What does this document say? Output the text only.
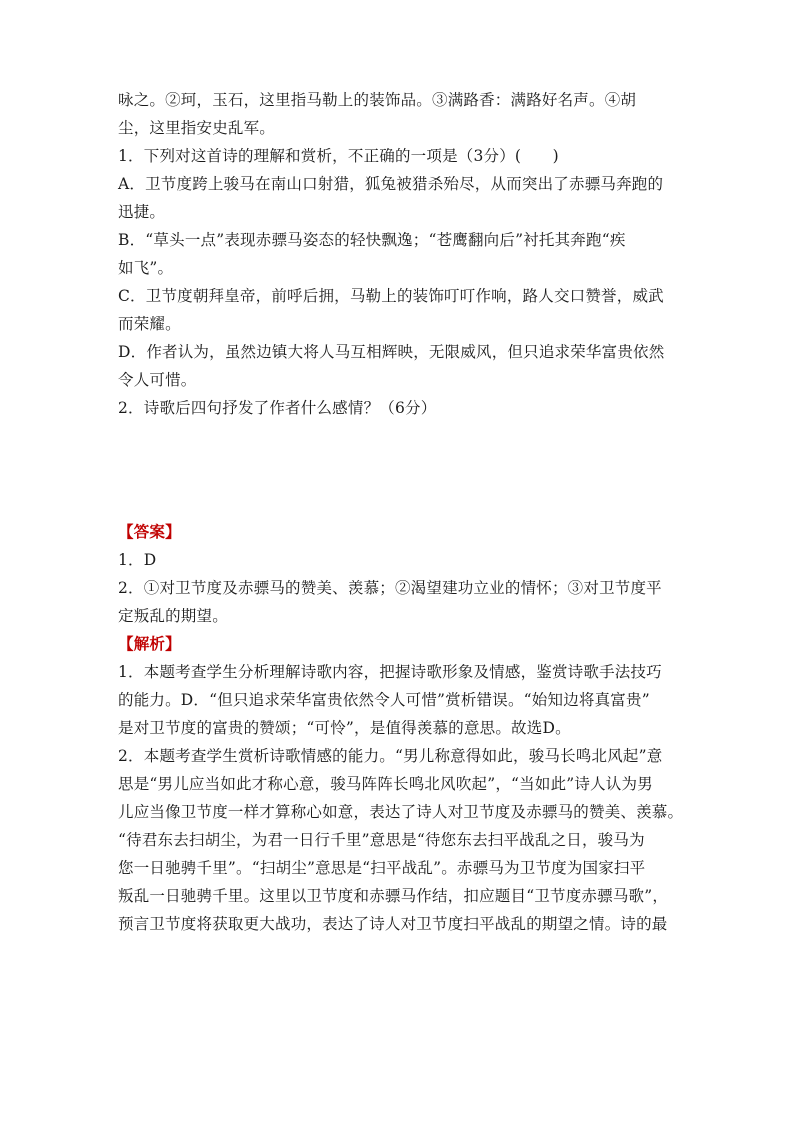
咏之。②珂，玉石，这里指马勒上的装饰品。③满路香：满路好名声。④胡
尘，这里指安史乱军。
1．下列对这首诗的理解和赏析，不正确的一项是（3分）(　　)
A．卫节度跨上骏马在南山口射猎，狐兔被猎杀殆尽，从而突出了赤骠马奔跑的
迅捷。
B．“草头一点”表现赤骠马姿态的轻快飘逸；“苍鹰翻向后”衬托其奔跑“疾
如飞”。
C．卫节度朝拜皇帝，前呼后拥，马勒上的装饰叮叮作响，路人交口赞誉，威武
而荣耀。
D．作者认为，虽然边镇大将人马互相辉映，无限威风，但只追求荣华富贵依然
令人可惜。
2．诗歌后四句抒发了作者什么感情？（6分）
【答案】
1．D
2．①对卫节度及赤骠马的赞美、羡慕；②渴望建功立业的情怀；③对卫节度平
定叛乱的期望。
【解析】
1．本题考查学生分析理解诗歌内容，把握诗歌形象及情感，鉴赏诗歌手法技巧
的能力。D．“但只追求荣华富贵依然令人可惜”赏析错误。“始知边将真富贵”
是对卫节度的富贵的赞颂；“可怜”，是值得羡慕的意思。故选D。
2．本题考查学生赏析诗歌情感的能力。“男儿称意得如此，骏马长鸣北风起”意
思是“男儿应当如此才称心意，骏马阵阵长鸣北风吹起”，“当如此”诗人认为男
儿应当像卫节度一样才算称心如意，表达了诗人对卫节度及赤骠马的赞美、羡慕。
“待君东去扫胡尘，为君一日行千里”意思是“待您东去扫平战乱之日，骏马为
您一日驰骋千里”。“扫胡尘”意思是“扫平战乱”。赤骠马为卫节度为国家扫平
叛乱一日驰骋千里。这里以卫节度和赤骠马作结，扣应题目“卫节度赤骠马歌”，
预言卫节度将获取更大战功，表达了诗人对卫节度扫平战乱的期望之情。诗的最
